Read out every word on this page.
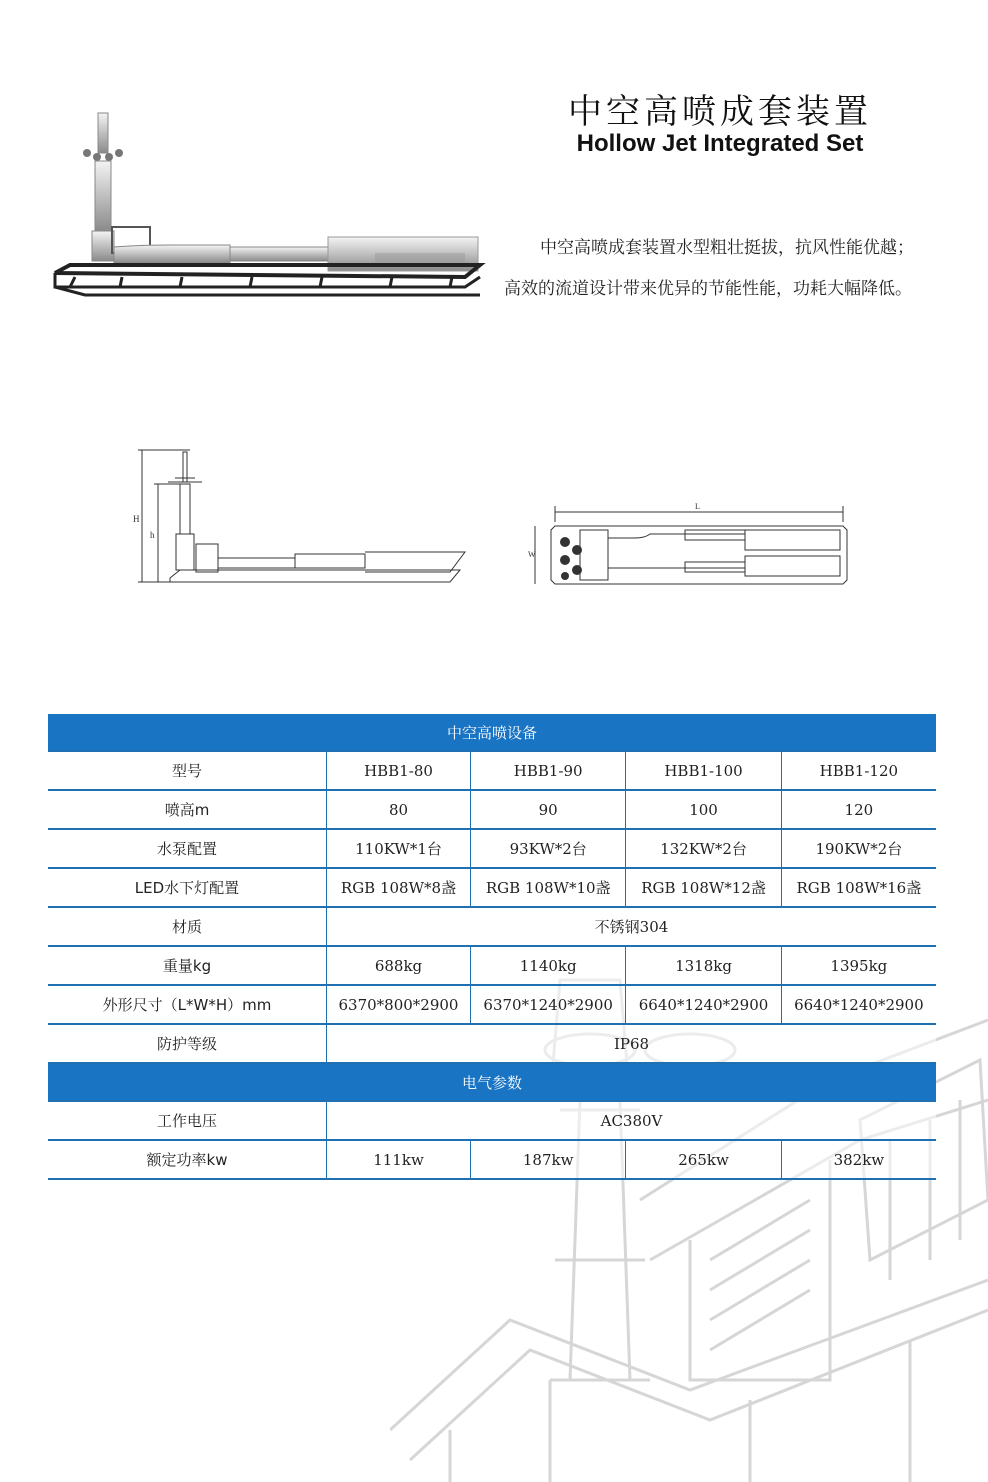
中空高喷成套装置
Hollow Jet Integrated Set
中空高喷成套装置水型粗壮挺拔，抗风性能优越；高效的流道设计带来优异的节能性能，功耗大幅降低。
H
h
L
W
中空高喷设备				
型号	HBB1-80	HBB1-90	HBB1-100	HBB1-120
喷高m	80	90	100	120
水泵配置	110KW*1台	93KW*2台	132KW*2台	190KW*2台
LED水下灯配置	RGB 108W*8盏	RGB 108W*10盏	RGB 108W*12盏	RGB 108W*16盏
材质	不锈钢304			
重量kg	688kg	1140kg	1318kg	1395kg
外形尺寸（L*W*H）mm	6370*800*2900	6370*1240*2900	6640*1240*2900	6640*1240*2900
防护等级	IP68			
电气参数				
工作电压	AC380V			
额定功率kw	111kw	187kw	265kw	382kw
